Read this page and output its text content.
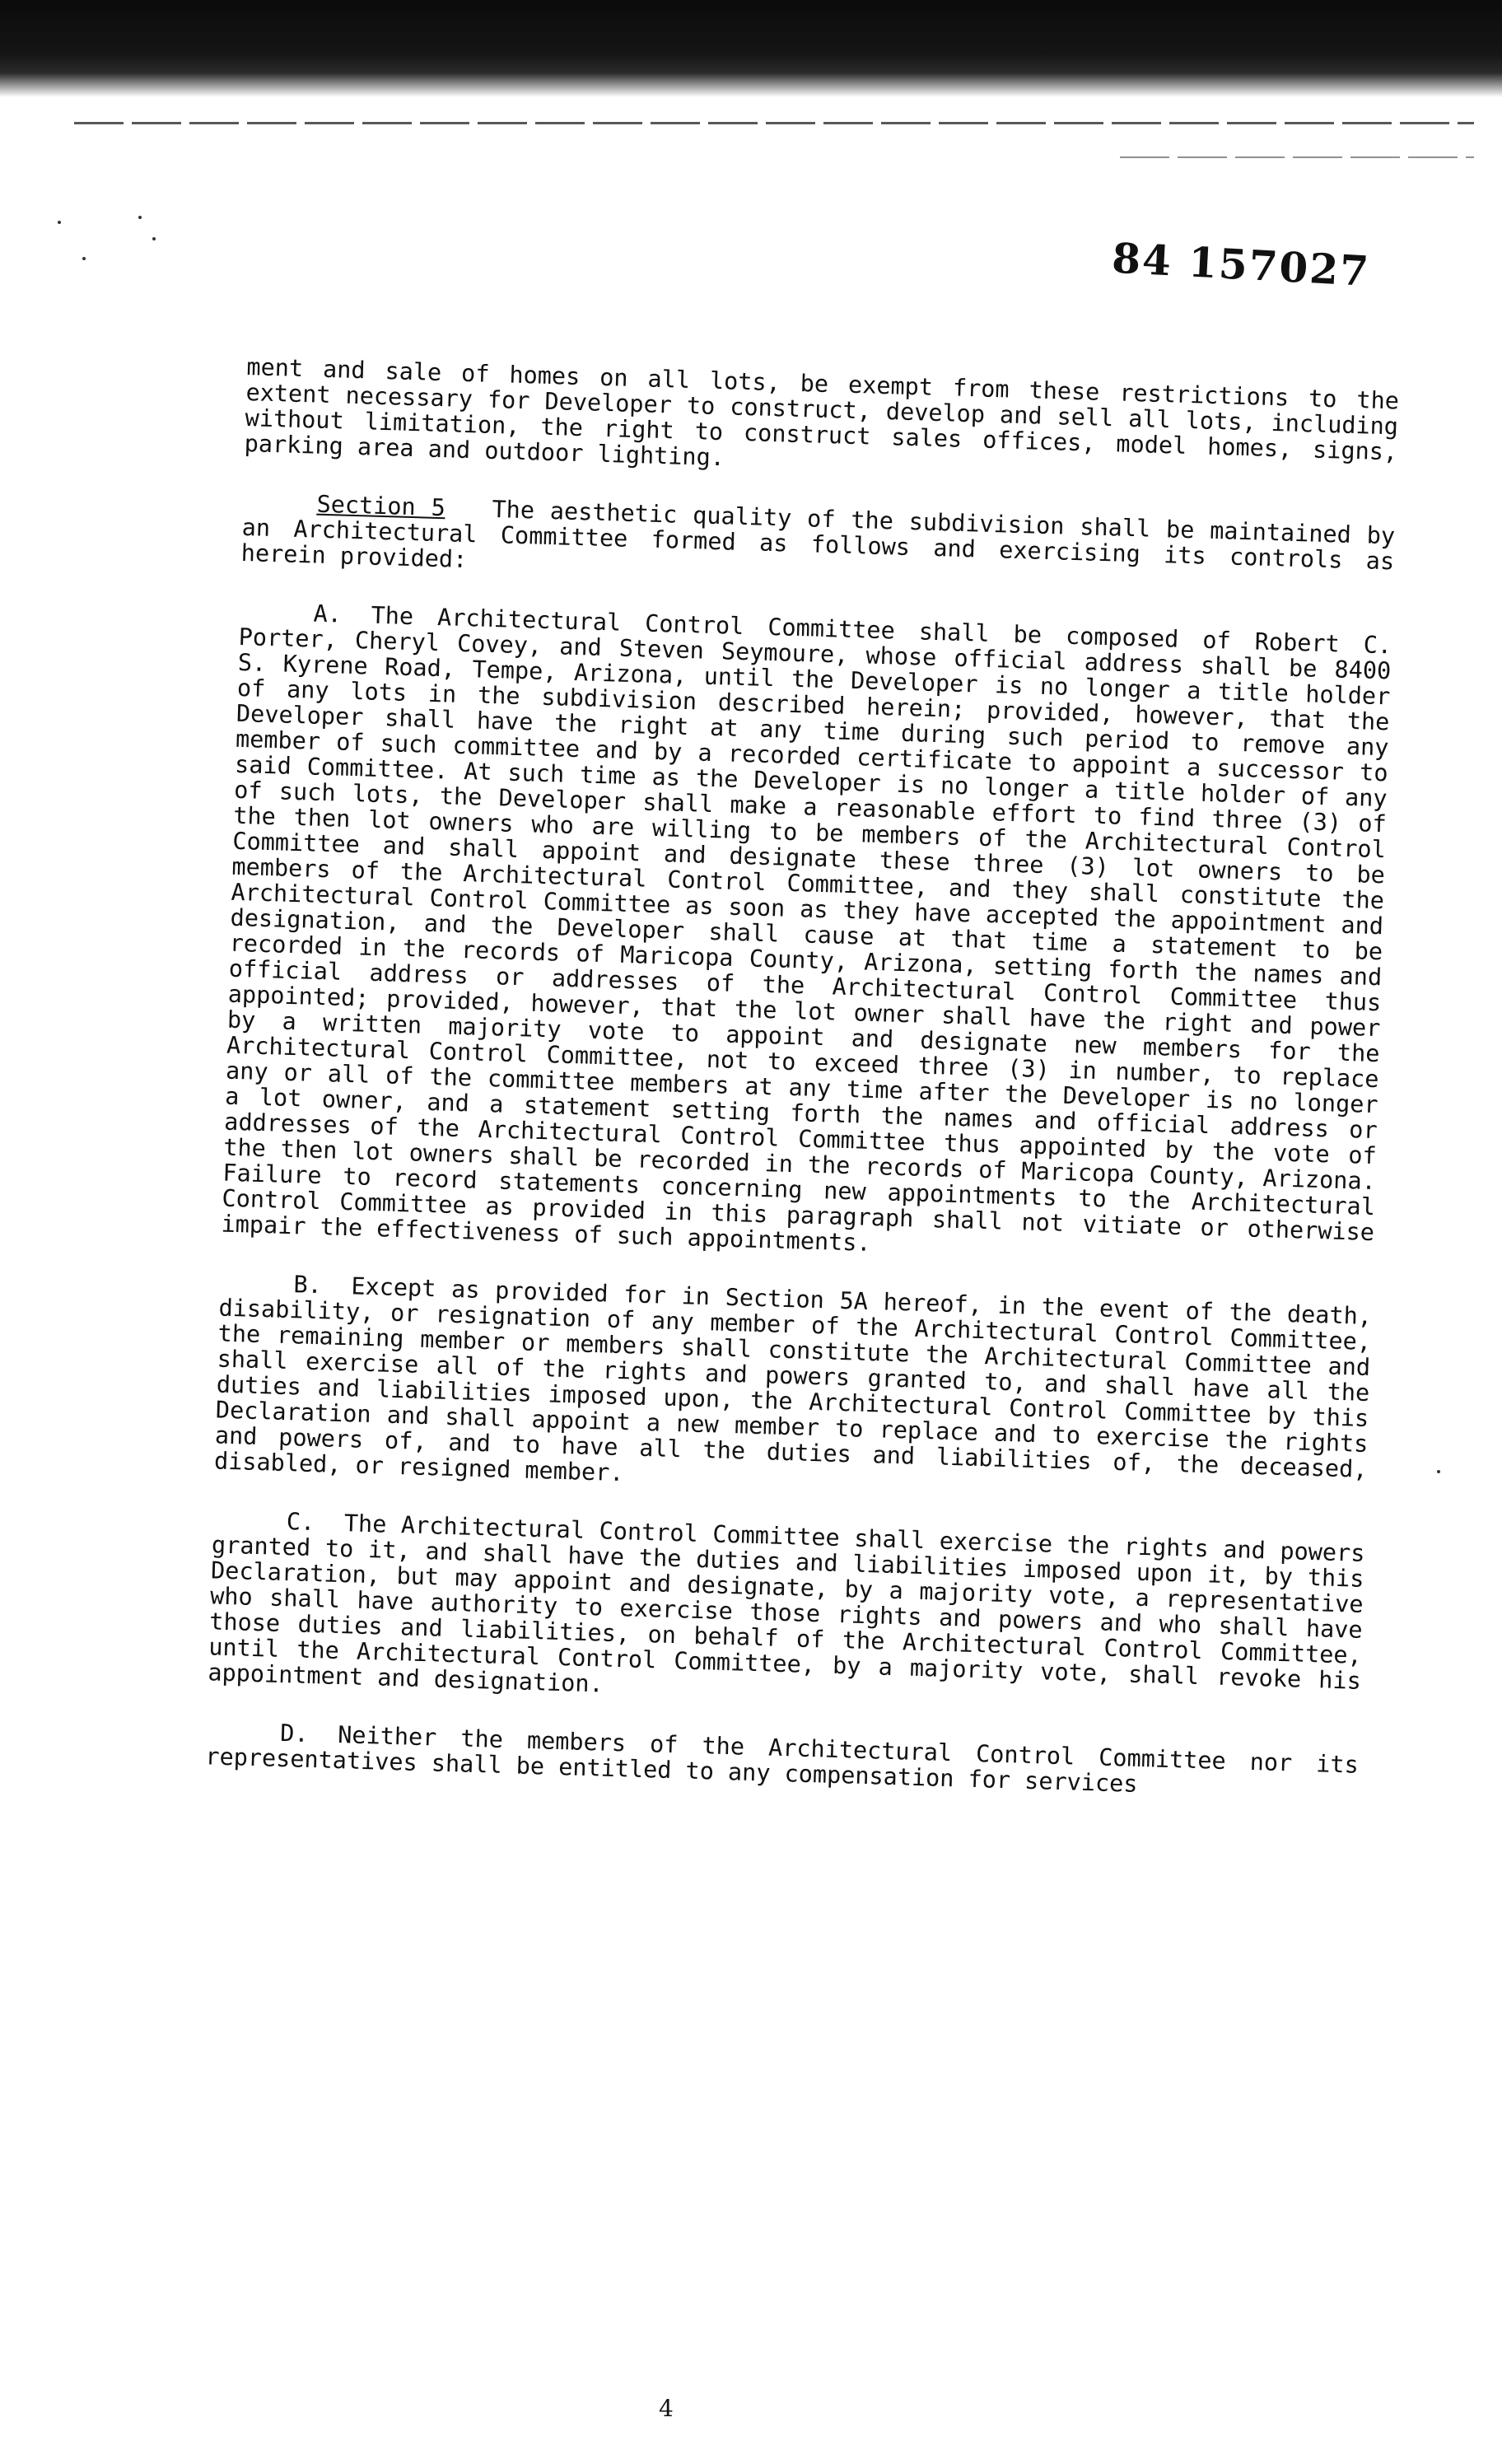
84 157027

ment and sale of homes on all lots, be exempt from these restrictions to the extent necessary for Developer to construct, develop and sell all lots, including without limitation, the right to construct sales offices, model homes, signs, parking area and outdoor lighting.

Section 5 The aesthetic quality of the subdivision shall be maintained by an Architectural Committee formed as follows and exercising its controls as herein provided:

A. The Architectural Control Committee shall be composed of Robert C. Porter, Cheryl Covey, and Steven Seymoure, whose official address shall be 8400 S. Kyrene Road, Tempe, Arizona, until the Developer is no longer a title holder of any lots in the subdivision described herein; provided, however, that the Developer shall have the right at any time during such period to remove any member of such committee and by a recorded certificate to appoint a successor to said Committee. At such time as the Developer is no longer a title holder of any of such lots, the Developer shall make a reasonable effort to find three (3) of the then lot owners who are willing to be members of the Architectural Control Committee and shall appoint and designate these three (3) lot owners to be members of the Architectural Control Committee, and they shall constitute the Architectural Control Committee as soon as they have accepted the appointment and designation, and the Developer shall cause at that time a statement to be recorded in the records of Maricopa County, Arizona, setting forth the names and official address or addresses of the Architectural Control Committee thus appointed; provided, however, that the lot owner shall have the right and power by a written majority vote to appoint and designate new members for the Architectural Control Committee, not to exceed three (3) in number, to replace any or all of the committee members at any time after the Developer is no longer a lot owner, and a statement setting forth the names and official address or addresses of the Architectural Control Committee thus appointed by the vote of the then lot owners shall be recorded in the records of Maricopa County, Arizona. Failure to record statements concerning new appointments to the Architectural Control Committee as provided in this paragraph shall not vitiate or otherwise impair the effectiveness of such appointments.

B. Except as provided for in Section 5A hereof, in the event of the death, disability, or resignation of any member of the Architectural Control Committee, the remaining member or members shall constitute the Architectural Committee and shall exercise all of the rights and powers granted to, and shall have all the duties and liabilities imposed upon, the Architectural Control Committee by this Declaration and shall appoint a new member to replace and to exercise the rights and powers of, and to have all the duties and liabilities of, the deceased, disabled, or resigned member.

C. The Architectural Control Committee shall exercise the rights and powers granted to it, and shall have the duties and liabilities imposed upon it, by this Declaration, but may appoint and designate, by a majority vote, a representative who shall have authority to exercise those rights and powers and who shall have those duties and liabilities, on behalf of the Architectural Control Committee, until the Architectural Control Committee, by a majority vote, shall revoke his appointment and designation.

D. Neither the members of the Architectural Control Committee nor its representatives shall be entitled to any compensation for services

4
